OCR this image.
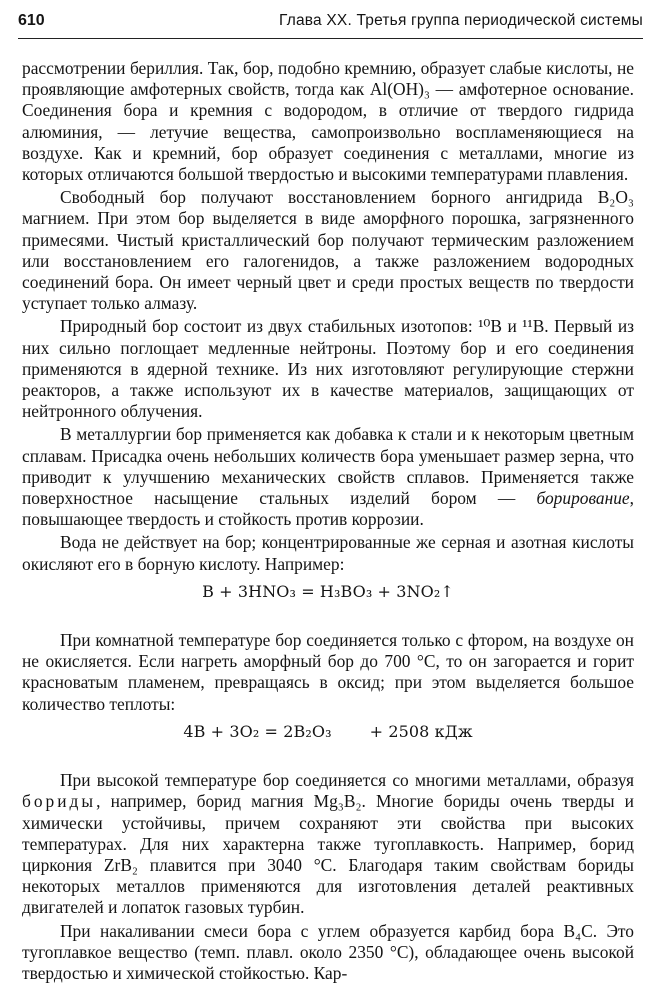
610	Глава XX. Третья группа периодической системы

рассмотрении бериллия. Так, бор, подобно кремнию, образует слабые кислоты, не проявляющие амфотерных свойств, тогда как Al(OH)₃ — амфотерное основание. Соединения бора и кремния с водородом, в отличие от твердого гидрида алюминия, — летучие вещества, самопроизвольно воспламеняющиеся на воздухе. Как и кремний, бор образует соединения с металлами, многие из которых отличаются большой твердостью и высокими температурами плавления.

Свободный бор получают восстановлением борного ангидрида B₂O₃ магнием. При этом бор выделяется в виде аморфного порошка, загрязненного примесями. Чистый кристаллический бор получают термическим разложением или восстановлением его галогенидов, а также разложением водородных соединений бора. Он имеет черный цвет и среди простых веществ по твердости уступает только алмазу.

Природный бор состоит из двух стабильных изотопов: ¹⁰B и ¹¹B. Первый из них сильно поглощает медленные нейтроны. Поэтому бор и его соединения применяются в ядерной технике. Из них изготовляют регулирующие стержни реакторов, а также используют их в качестве материалов, защищающих от нейтронного облучения.

В металлургии бор применяется как добавка к стали и к некоторым цветным сплавам. Присадка очень небольших количеств бора уменьшает размер зерна, что приводит к улучшению механических свойств сплавов. Применяется также поверхностное насыщение стальных изделий бором — борирование, повышающее твердость и стойкость против коррозии.

Вода не действует на бор; концентрированные же серная и азотная кислоты окисляют его в борную кислоту. Например:

B + 3HNO₃ = H₃BO₃ + 3NO₂↑

При комнатной температуре бор соединяется только с фтором, на воздухе он не окисляется. Если нагреть аморфный бор до 700 °C, то он загорается и горит красноватым пламенем, превращаясь в оксид; при этом выделяется большое количество теплоты:

4B + 3O₂ = 2B₂O₃ + 2508 кДж

При высокой температуре бор соединяется со многими металлами, образуя бориды, например, борид магния Mg₃B₂. Многие бориды очень тверды и химически устойчивы, причем сохраняют эти свойства при высоких температурах. Для них характерна также тугоплавкость. Например, борид циркония ZrB₂ плавится при 3040 °C. Благодаря таким свойствам бориды некоторых металлов применяются для изготовления деталей реактивных двигателей и лопаток газовых турбин.

При накаливании смеси бора с углем образуется карбид бора B₄C. Это тугоплавкое вещество (темп. плавл. около 2350 °C), обладающее очень высокой твердостью и химической стойкостью. Кар-
